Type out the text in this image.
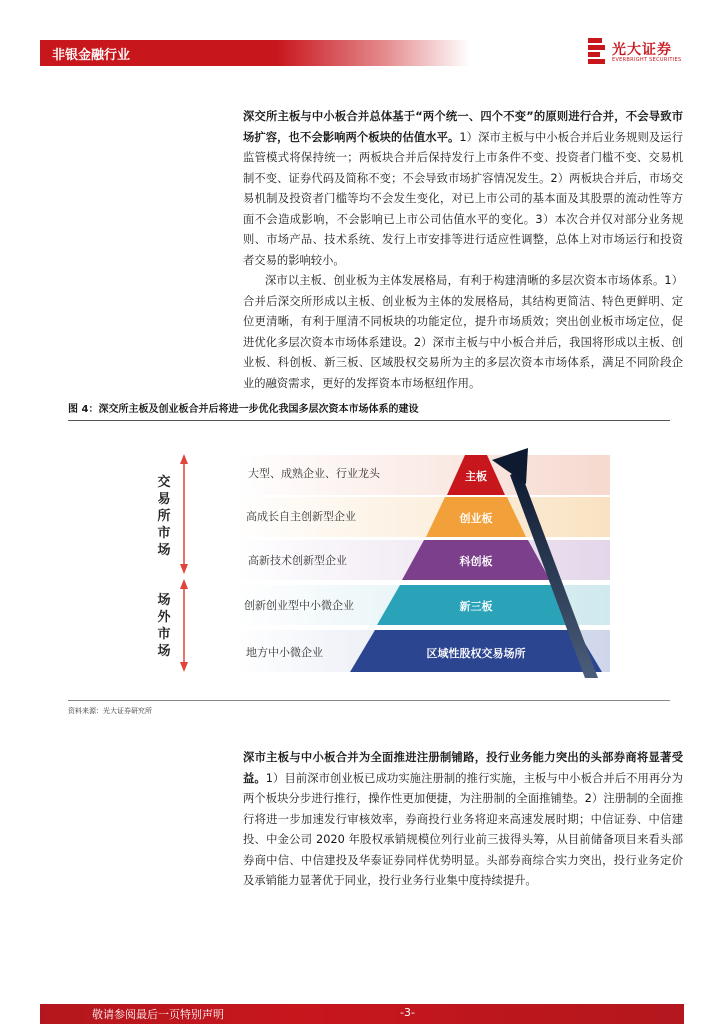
非银金融行业	光大证券
EVERBRIGHT SECURITIES

深交所主板与中小板合并总体基于“两个统一、四个不变”的原则进行合并，不会导致市场扩容，也不会影响两个板块的估值水平。1）深市主板与中小板合并后业务规则及运行监管模式将保持统一；两板块合并后保持发行上市条件不变、投资者门槛不变、交易机制不变、证券代码及简称不变；不会导致市场扩容情况发生。2）两板块合并后，市场交易机制及投资者门槛等均不会发生变化，对已上市公司的基本面及其股票的流动性等方面不会造成影响，不会影响已上市公司估值水平的变化。3）本次合并仅对部分业务规则、市场产品、技术系统、发行上市安排等进行适应性调整，总体上对市场运行和投资者交易的影响较小。

深市以主板、创业板为主体发展格局，有利于构建清晰的多层次资本市场体系。1）合并后深交所形成以主板、创业板为主体的发展格局，其结构更简洁、特色更鲜明、定位更清晰，有利于厘清不同板块的功能定位，提升市场质效；突出创业板市场定位，促进优化多层次资本市场体系建设。2）深市主板与中小板合并后，我国将形成以主板、创业板、科创板、新三板、区域股权交易所为主的多层次资本市场体系，满足不同阶段企业的融资需求，更好的发挥资本市场枢纽作用。

图 4：深交所主板及创业板合并后将进一步优化我国多层次资本市场体系的建设
大型、成熟企业、行业龙头
高成长自主创新型企业
高新技术创新型企业
创新创业型中小微企业
地方中小微企业
主板
创业板
科创板
新三板
区域性股权交易场所
交易所市场
场外市场
资料来源：光大证券研究所

深市主板与中小板合并为全面推进注册制铺路，投行业务能力突出的头部券商将显著受益。1）目前深市创业板已成功实施注册制的推行实施，主板与中小板合并后不用再分为两个板块分步进行推行，操作性更加便捷，为注册制的全面推铺垫。2）注册制的全面推行将进一步加速发行审核效率，券商投行业务将迎来高速发展时期；中信证券、中信建投、中金公司 2020 年股权承销规模位列行业前三拔得头筹，从目前储备项目来看头部券商中信、中信建投及华泰证券同样优势明显。头部券商综合实力突出，投行业务定价及承销能力显著优于同业，投行业务行业集中度持续提升。

敬请参阅最后一页特别声明	-3-
